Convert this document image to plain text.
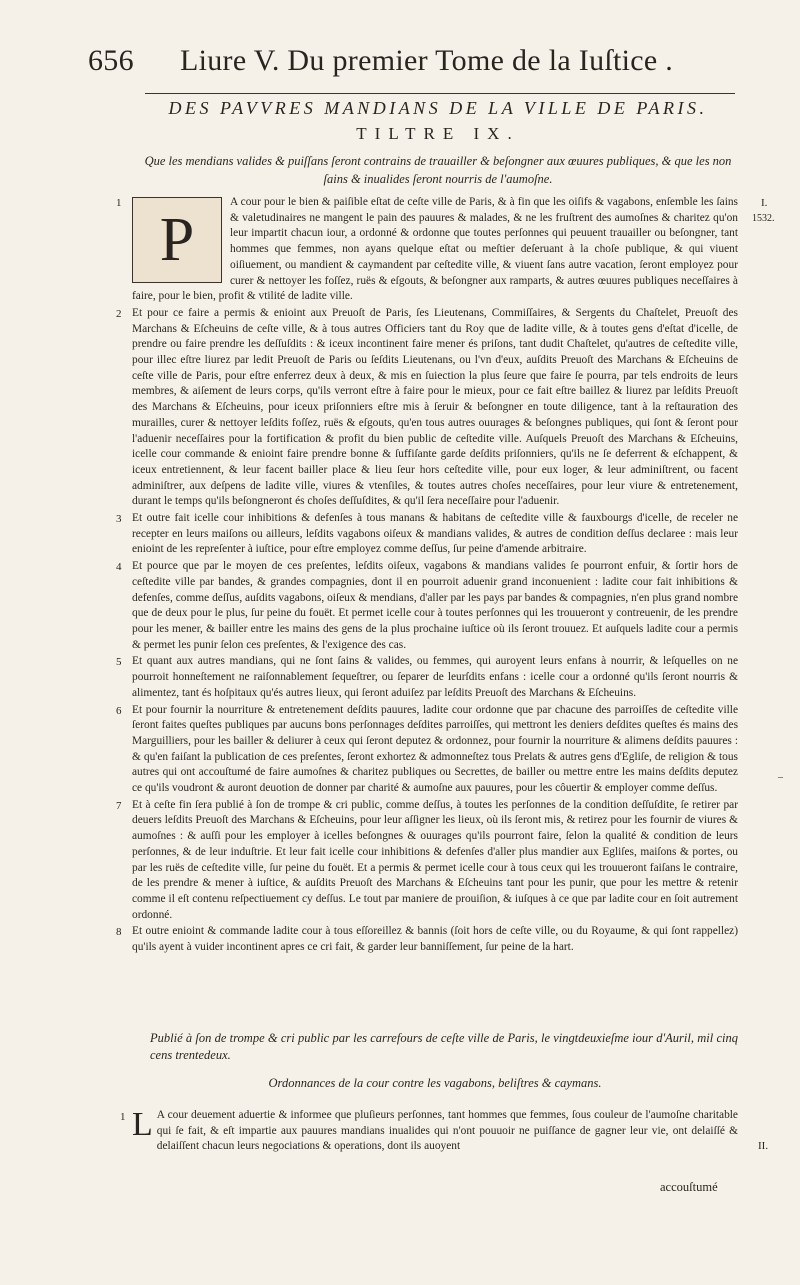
656 Liure V. Du premier Tome de la Iuſtice .
DES PAVVRES MANDIANS DE LA VILLE DE PARIS.
TILTRE IX.
Que les mendians valides & puiſſans ſeront contrains de trauailler & beſongner aux œuures publiques, & que les non ſains & inualides ſeront nourris de l'aumoſne.
I.
1532.
–
1
P
A cour pour le bien & paiſible eſtat de ceſte ville de Paris, & à fin que les oiſifs & vagabons, enſemble les ſains & valetudinaires ne mangent le pain des pauures & malades, & ne les fruſtrent des aumoſnes & charitez qu'on leur impartit chacun iour, a ordonné & ordonne que toutes perſonnes qui peuuent trauailler ou beſongner, tant hommes que femmes, non ayans quelque eſtat ou meſtier deſeruant à la choſe publique, & qui viuent oiſiuement, ou mandient & caymandent par ceſtedite ville, & viuent ſans autre vacation, ſeront employez pour curer & nettoyer les foſſez, ruës & eſgouts, & beſongner aux ramparts, & autres œuures publiques neceſſaires à faire, pour le bien, profit & vtilité de ladite ville.
2 Et pour ce faire a permis & enioint aux Preuoſt de Paris, ſes Lieutenans, Commiſſaires, & Sergents du Chaſtelet, Preuoſt des Marchans & Eſcheuins de ceſte ville, & à tous autres Officiers tant du Roy que de ladite ville, & à toutes gens d'eſtat d'icelle, de prendre ou faire prendre les deſſuſdits : & iceux incontinent faire mener és priſons, tant dudit Chaſtelet, qu'autres de ceſtedite ville, pour illec eſtre liurez par ledit Preuoſt de Paris ou ſeſdits Lieutenans, ou l'vn d'eux, auſdits Preuoſt des Marchans & Eſcheuins de ceſte ville de Paris, pour eſtre enferrez deux à deux, & mis en ſuiection la plus ſeure que faire ſe pourra, par tels endroits de leurs membres, & aiſement de leurs corps, qu'ils verront eſtre à faire pour le mieux, pour ce fait eſtre baillez & liurez par leſdits Preuoſt des Marchans & Eſcheuins, pour iceux priſonniers eſtre mis à ſeruir & beſongner en toute diligence, tant à la reſtauration des murailles, curer & nettoyer leſdits foſſez, ruës & eſgouts, qu'en tous autres ouurages & beſongnes publiques, qui ſont & ſeront pour l'aduenir neceſſaires pour la fortification & profit du bien public de ceſtedite ville. Auſquels Preuoſt des Marchans & Eſcheuins, icelle cour commande & enioint faire prendre bonne & ſuffiſante garde deſdits priſonniers, qu'ils ne ſe deferrent & eſchappent, & iceux entretiennent, & leur facent bailler place & lieu ſeur hors ceſtedite ville, pour eux loger, & leur adminiſtrent, ou facent adminiſtrer, aux deſpens de ladite ville, viures & vtenſiles, & toutes autres choſes neceſſaires, pour leur viure & entretenement, durant le temps qu'ils beſongneront és choſes deſſuſdites, & qu'il ſera neceſſaire pour l'aduenir.
3 Et outre fait icelle cour inhibitions & defenſes à tous manans & habitans de ceſtedite ville & fauxbourgs d'icelle, de receler ne recepter en leurs maiſons ou ailleurs, leſdits vagabons oiſeux & mandians valides, & autres de condition deſſus declaree : mais leur enioint de les repreſenter à iuſtice, pour eſtre employez comme deſſus, ſur peine d'amende arbitraire.
4 Et pource que par le moyen de ces preſentes, leſdits oiſeux, vagabons & mandians valides ſe pourront enfuir, & ſortir hors de ceſtedite ville par bandes, & grandes compagnies, dont il en pourroit aduenir grand inconuenient : ladite cour fait inhibitions & defenſes, comme deſſus, auſdits vagabons, oiſeux & mendians, d'aller par les pays par bandes & compagnies, n'en plus grand nombre que de deux pour le plus, ſur peine du fouët. Et permet icelle cour à toutes perſonnes qui les trouueront y contreuenir, de les prendre pour les mener, & bailler entre les mains des gens de la plus prochaine iuſtice où ils ſeront trouuez. Et auſquels ladite cour a permis & permet les punir ſelon ces preſentes, & l'exigence des cas.
5 Et quant aux autres mandians, qui ne ſont ſains & valides, ou femmes, qui auroyent leurs enfans à nourrir, & leſquelles on ne pourroit honneſtement ne raiſonnablement ſequeſtrer, ou ſeparer de leurſdits enfans : icelle cour a ordonné qu'ils ſeront nourris & alimentez, tant és hoſpitaux qu'és autres lieux, qui ſeront aduiſez par leſdits Preuoſt des Marchans & Eſcheuins.
6 Et pour fournir la nourriture & entretenement deſdits pauures, ladite cour ordonne que par chacune des parroiſſes de ceſtedite ville ſeront faites queſtes publiques par aucuns bons perſonnages deſdites parroiſſes, qui mettront les deniers deſdites queſtes és mains des Marguilliers, pour les bailler & deliurer à ceux qui ſeront deputez & ordonnez, pour fournir la nourriture & alimens deſdits pauures : & qu'en faiſant la publication de ces preſentes, ſeront exhortez & admonneſtez tous Prelats & autres gens d'Egliſe, de religion & tous autres qui ont accouſtumé de faire aumoſnes & charitez publiques ou Secrettes, de bailler ou mettre entre les mains deſdits deputez ce qu'ils voudront & auront deuotion de donner par charité & aumoſne aux pauures, pour les côuertir & employer comme deſſus.
7 Et à ceſte fin ſera publié à ſon de trompe & cri public, comme deſſus, à toutes les perſonnes de la condition deſſuſdite, ſe retirer par deuers leſdits Preuoſt des Marchans & Eſcheuins, pour leur aſſigner les lieux, où ils ſeront mis, & retirez pour les fournir de viures & aumoſnes : & auſſi pour les employer à icelles beſongnes & ouurages qu'ils pourront faire, ſelon la qualité & condition de leurs perſonnes, & de leur induſtrie. Et leur fait icelle cour inhibitions & defenſes d'aller plus mandier aux Egliſes, maiſons & portes, ou par les ruës de ceſtedite ville, ſur peine du fouët. Et a permis & permet icelle cour à tous ceux qui les trouueront faiſans le contraire, de les prendre & mener à iuſtice, & auſdits Preuoſt des Marchans & Eſcheuins tant pour les punir, que pour les mettre & retenir comme il eſt contenu reſpectiuement cy deſſus. Le tout par maniere de prouiſion, & iuſques à ce que par ladite cour en ſoit autrement ordonné.
8 Et outre enioint & commande ladite cour à tous eſſoreillez & bannis (ſoit hors de ceſte ville, ou du Royaume, & qui ſont rappellez) qu'ils ayent à vuider incontinent apres ce cri fait, & garder leur banniſſement, ſur peine de la hart.
Publié à ſon de trompe & cri public par les carrefours de ceſte ville de Paris, le vingtdeuxieſme iour d'Auril, mil cinq cens trentedeux.
Ordonnances de la cour contre les vagabons, beliſtres & caymans.
II.
1 L A cour deuement aduertie & informee que pluſieurs perſonnes, tant hommes que femmes, ſous couleur de l'aumoſne charitable qui ſe fait, & eſt impartie aux pauures mandians inualides qui n'ont pouuoir ne puiſſance de gagner leur vie, ont delaiſſé & delaiſſent chacun leurs negociations & operations, dont ils auoyent
accouſtumé
